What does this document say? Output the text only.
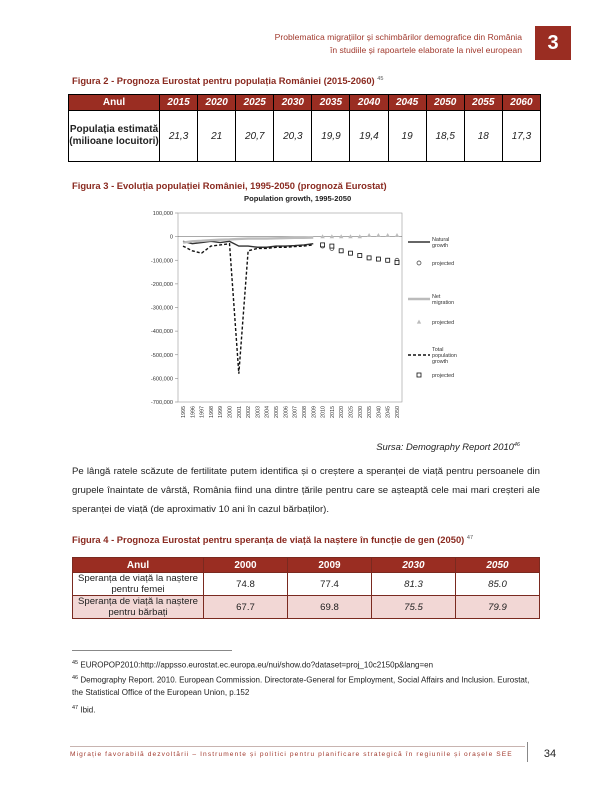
Problematica migrațiilor și schimbărilor demografice din România
în studiile și rapoartele elaborate la nivel european	3
Figura 2 - Prognoza Eurostat pentru populația României (2015-2060) $^{45}$
Anul	2015	2020	2025	2030	2035	2040	2045	2050	2055	2060
Populația estimată (milioane locuitori)	21,3	21	20,7	20,3	19,9	19,4	19	18,5	18	17,3
Figura 3 - Evoluția populației României, 1995-2050 (prognoză Eurostat)
Population growth, 1995-2050
100,000
0
-100,000
-200,000
-300,000
-400,000
-500,000
-600,000
-700,000
1995 1996 1997 1998 1999 2000 2001 2002 2003 2004 2005 2006 2007 2008 2009 2010 2015 2020 2025 2030 2035 2040 2045 2050
Natural
growth
projected
Net
migration
projected
Total
population
growth
projected
Sursa: Demography Report 2010$^{46}$
Pe lângă ratele scăzute de fertilitate putem identifica și o creștere a speranței de viață pentru persoanele din grupele înaintate de vârstă, România fiind una dintre țările pentru care se așteaptă cele mai mari creșteri ale speranței de viață (de aproximativ 10 ani în cazul bărbaților).
Figura 4 - Prognoza Eurostat pentru speranța de viață la naștere în funcție de gen (2050) $^{47}$
Anul	2000	2009	2030	2050
Speranța de viață la naștere pentru femei	74.8	77.4	81.3	85.0
Speranța de viață la naștere pentru bărbați	67.7	69.8	75.5	79.9
$^{45}$ EUROPOP2010:http://appsso.eurostat.ec.europa.eu/nui/show.do?dataset=proj_10c2150p&lang=en
$^{46}$ Demography Report. 2010. European Commission. Directorate-General for Employment, Social Affairs and Inclusion. Eurostat, the Statistical Office of the European Union, p.152
$^{47}$ Ibid.
Migrație favorabilă dezvoltării – Instrumente și politici pentru planificare strategică în regiunile și orașele SEE	34
